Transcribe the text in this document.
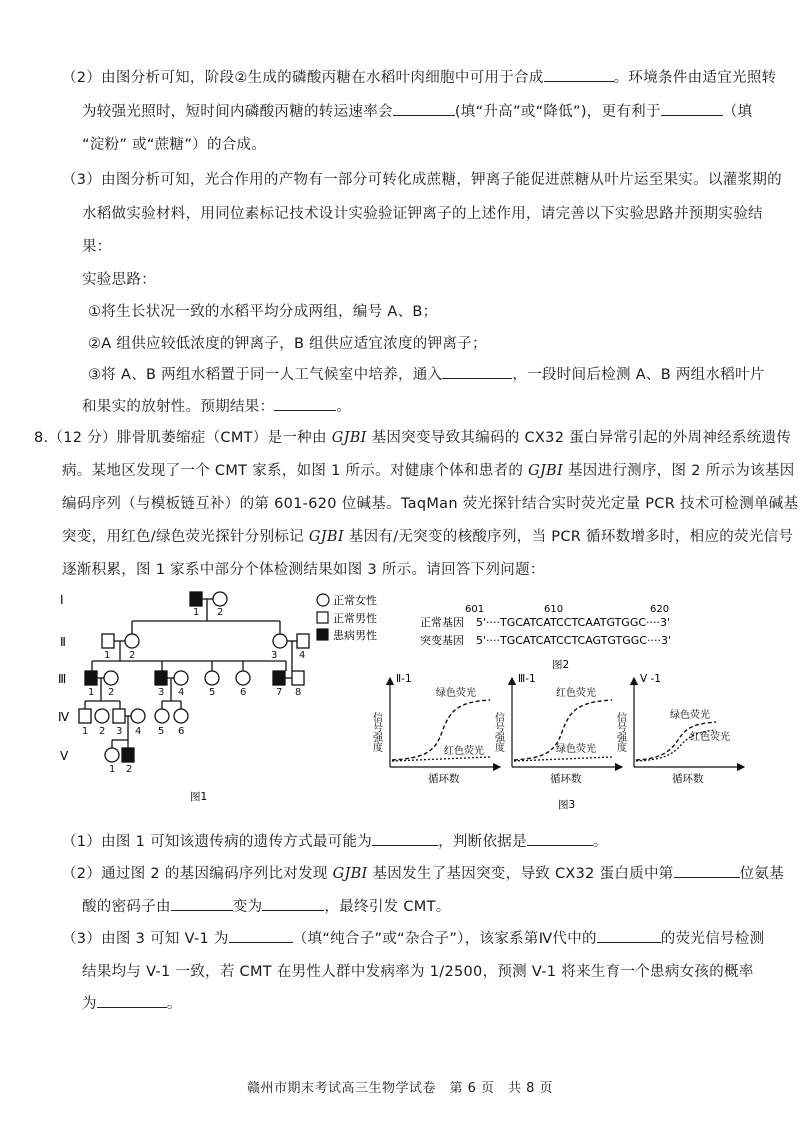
（2）由图分析可知，阶段②生成的磷酸丙糖在水稻叶肉细胞中可用于合成	。环境条件由适宜光照转
为较强光照时，短时间内磷酸丙糖的转运速率会	(填“升高”或“降低”)，更有利于	（填
“淀粉” 或“蔗糖”）的合成。
（3）由图分析可知，光合作用的产物有一部分可转化成蔗糖，钾离子能促进蔗糖从叶片运至果实。以灌浆期的
水稻做实验材料，用同位素标记技术设计实验验证钾离子的上述作用，请完善以下实验思路并预期实验结
果：
实验思路：
①将生长状况一致的水稻平均分成两组，编号 A、B；
②A 组供应较低浓度的钾离子，B 组供应适宜浓度的钾离子；
③将 A、B 两组水稻置于同一人工气候室中培养，通入	，一段时间后检测 A、B 两组水稻叶片
和果实的放射性。预期结果：	。
8.（12 分）腓骨肌萎缩症（CMT）是一种由 GJBI 基因突变导致其编码的 CX32 蛋白异常引起的外周神经系统遗传
病。某地区发现了一个 CMT 家系，如图 1 所示。对健康个体和患者的 GJBI 基因进行测序，图 2 所示为该基因
编码序列（与模板链互补）的第 601-620 位碱基。TaqMan 荧光探针结合实时荧光定量 PCR 技术可检测单碱基
突变，用红色/绿色荧光探针分别标记 GJBI 基因有/无突变的核酸序列，当 PCR 循环数增多时，相应的荧光信号
逐渐积累，图 1 家系中部分个体检测结果如图 3 所示。请回答下列问题：
Ⅰ
Ⅱ
Ⅲ
Ⅳ
Ⅴ
1 2
1 2	3 4
1 2	3 4 5 6	7 8
1 2 3 4 5 6
1 2
正常女性
正常男性
患病男性
图1
601	610	620
正常基因 5'····TGCATCATCCTCAATGTGGC····3'
突变基因 5'····TGCATCATCCTCAGTGTGGC····3'
图2
Ⅱ-1
信号强度
循环数
绿色荧光
红色荧光
Ⅲ-1
信号强度
循环数
红色荧光
绿色荧光
V -1
信号强度
循环数
绿色荧光
红色荧光
图3
（1）由图 1 可知该遗传病的遗传方式最可能为	，判断依据是	。
（2）通过图 2 的基因编码序列比对发现 GJBI 基因发生了基因突变，导致 CX32 蛋白质中第	位氨基
酸的密码子由	变为	，最终引发 CMT。
（3）由图 3 可知 V-1 为	（填“纯合子”或“杂合子”），该家系第Ⅳ代中的	的荧光信号检测
结果均与 V-1 一致，若 CMT 在男性人群中发病率为 1/2500，预测 V-1 将来生育一个患病女孩的概率
为	。
赣州市期末考试高三生物学试卷　第 6 页　共 8 页
